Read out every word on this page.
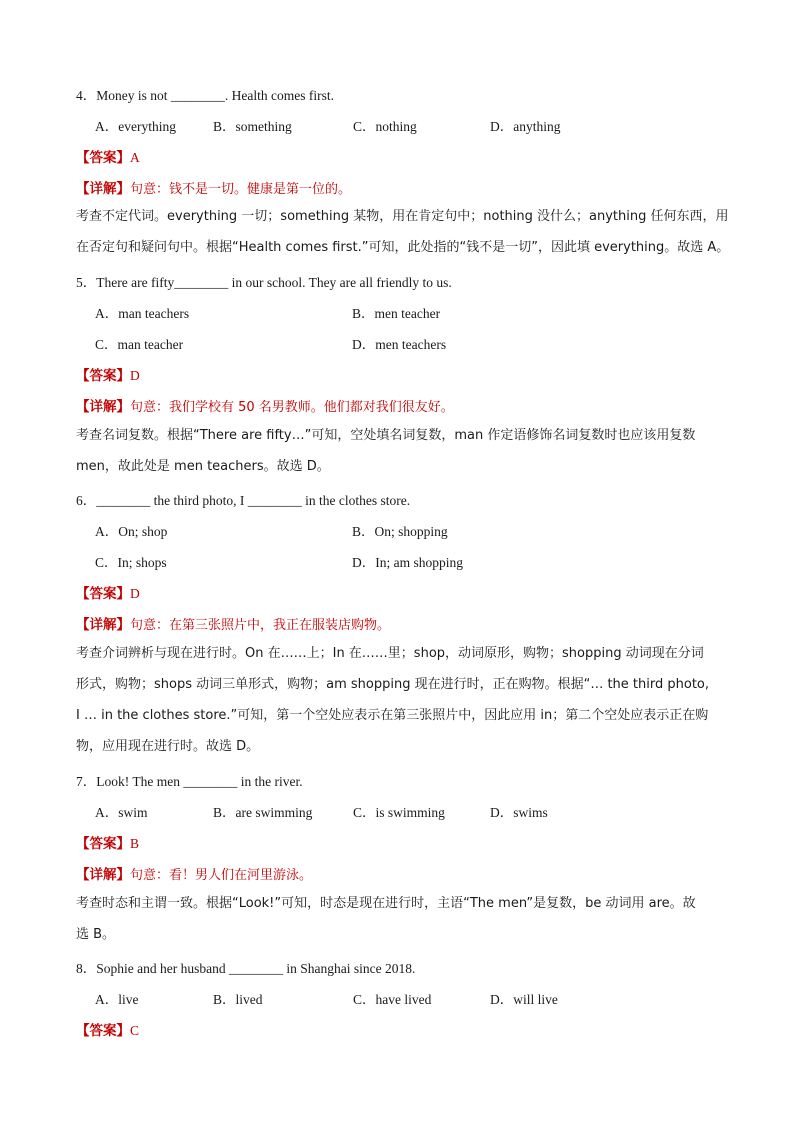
4．Money is not ________. Health comes first.
A．everything	B．something	C．nothing	D．anything
【答案】A
【详解】句意：钱不是一切。健康是第一位的。
考查不定代词。everything 一切；something 某物，用在肯定句中；nothing 没什么；anything 任何东西，用
在否定句和疑问句中。根据“Health comes first.”可知，此处指的“钱不是一切”，因此填 everything。故选 A。
5．There are fifty________ in our school. They are all friendly to us.
A．man teachers	B．men teacher
C．man teacher	D．men teachers
【答案】D
【详解】句意：我们学校有 50 名男教师。他们都对我们很友好。
考查名词复数。根据“There are fifty…”可知，空处填名词复数，man 作定语修饰名词复数时也应该用复数
men，故此处是 men teachers。故选 D。
6．________ the third photo, I ________ in the clothes store.
A．On; shop	B．On; shopping
C．In; shops	D．In; am shopping
【答案】D
【详解】句意：在第三张照片中，我正在服装店购物。
考查介词辨析与现在进行时。On 在……上；In 在……里；shop，动词原形，购物；shopping 动词现在分词
形式，购物；shops 动词三单形式，购物；am shopping 现在进行时，正在购物。根据“… the third photo,
I … in the clothes store.”可知，第一个空处应表示在第三张照片中，因此应用 in；第二个空处应表示正在购
物，应用现在进行时。故选 D。
7．Look! The men ________ in the river.
A．swim	B．are swimming	C．is swimming	D．swims
【答案】B
【详解】句意：看！男人们在河里游泳。
考查时态和主谓一致。根据“Look!”可知，时态是现在进行时，主语“The men”是复数，be 动词用 are。故
选 B。
8．Sophie and her husband ________ in Shanghai since 2018.
A．live	B．lived	C．have lived	D．will live
【答案】C
